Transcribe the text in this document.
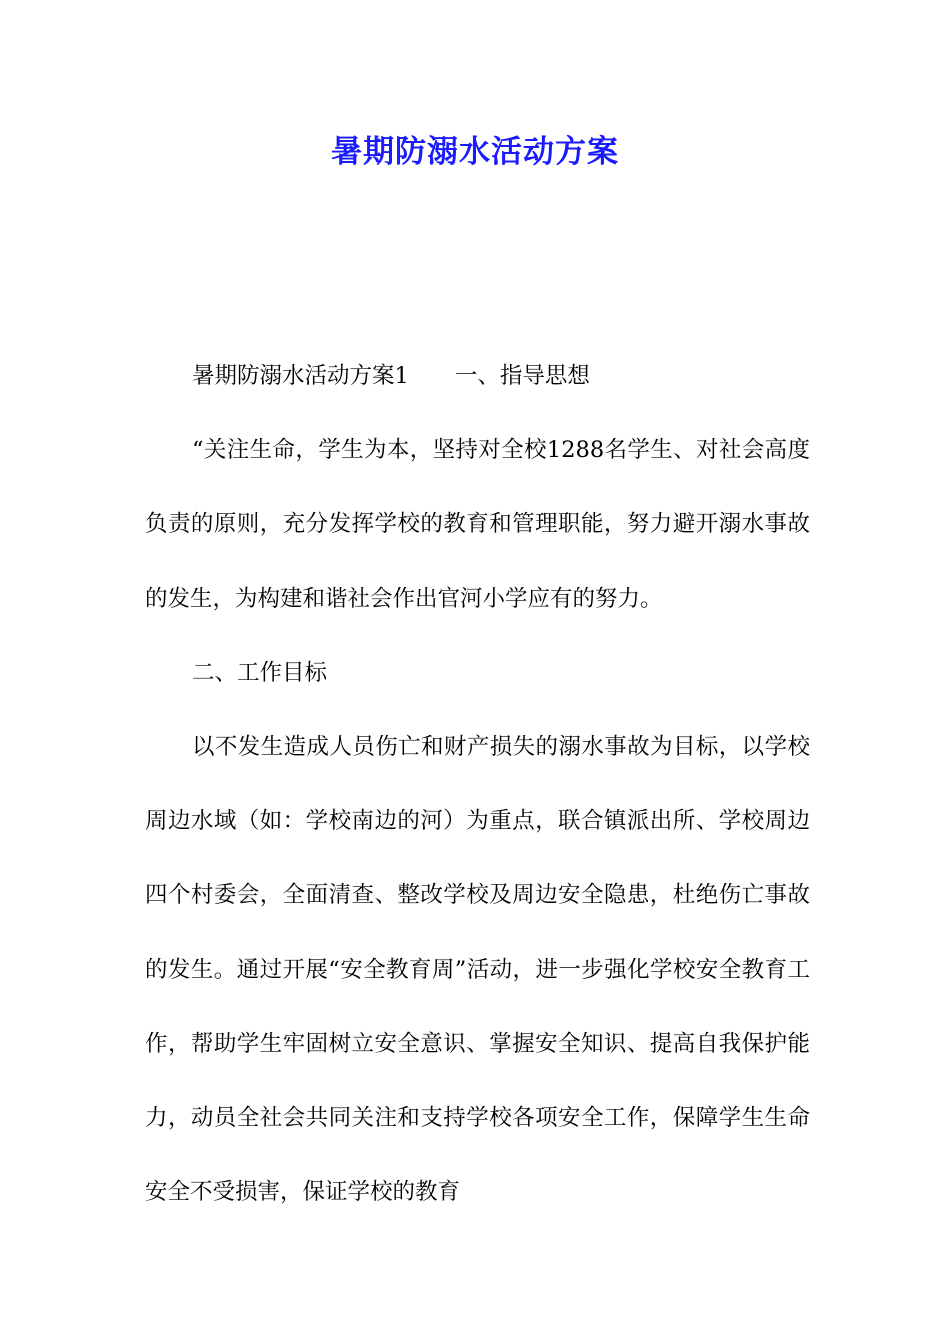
暑期防溺水活动方案

暑期防溺水活动方案1 一、指导思想

“关注生命，学生为本，坚持对全校1288名学生、对社会高度负责的原则，充分发挥学校的教育和管理职能，努力避开溺水事故的发生，为构建和谐社会作出官河小学应有的努力。

二、工作目标

以不发生造成人员伤亡和财产损失的溺水事故为目标，以学校周边水域（如：学校南边的河）为重点，联合镇派出所、学校周边四个村委会，全面清查、整改学校及周边安全隐患，杜绝伤亡事故的发生。通过开展“安全教育周”活动，进一步强化学校安全教育工作，帮助学生牢固树立安全意识、掌握安全知识、提高自我保护能力，动员全社会共同关注和支持学校各项安全工作，保障学生生命安全不受损害，保证学校的教育
